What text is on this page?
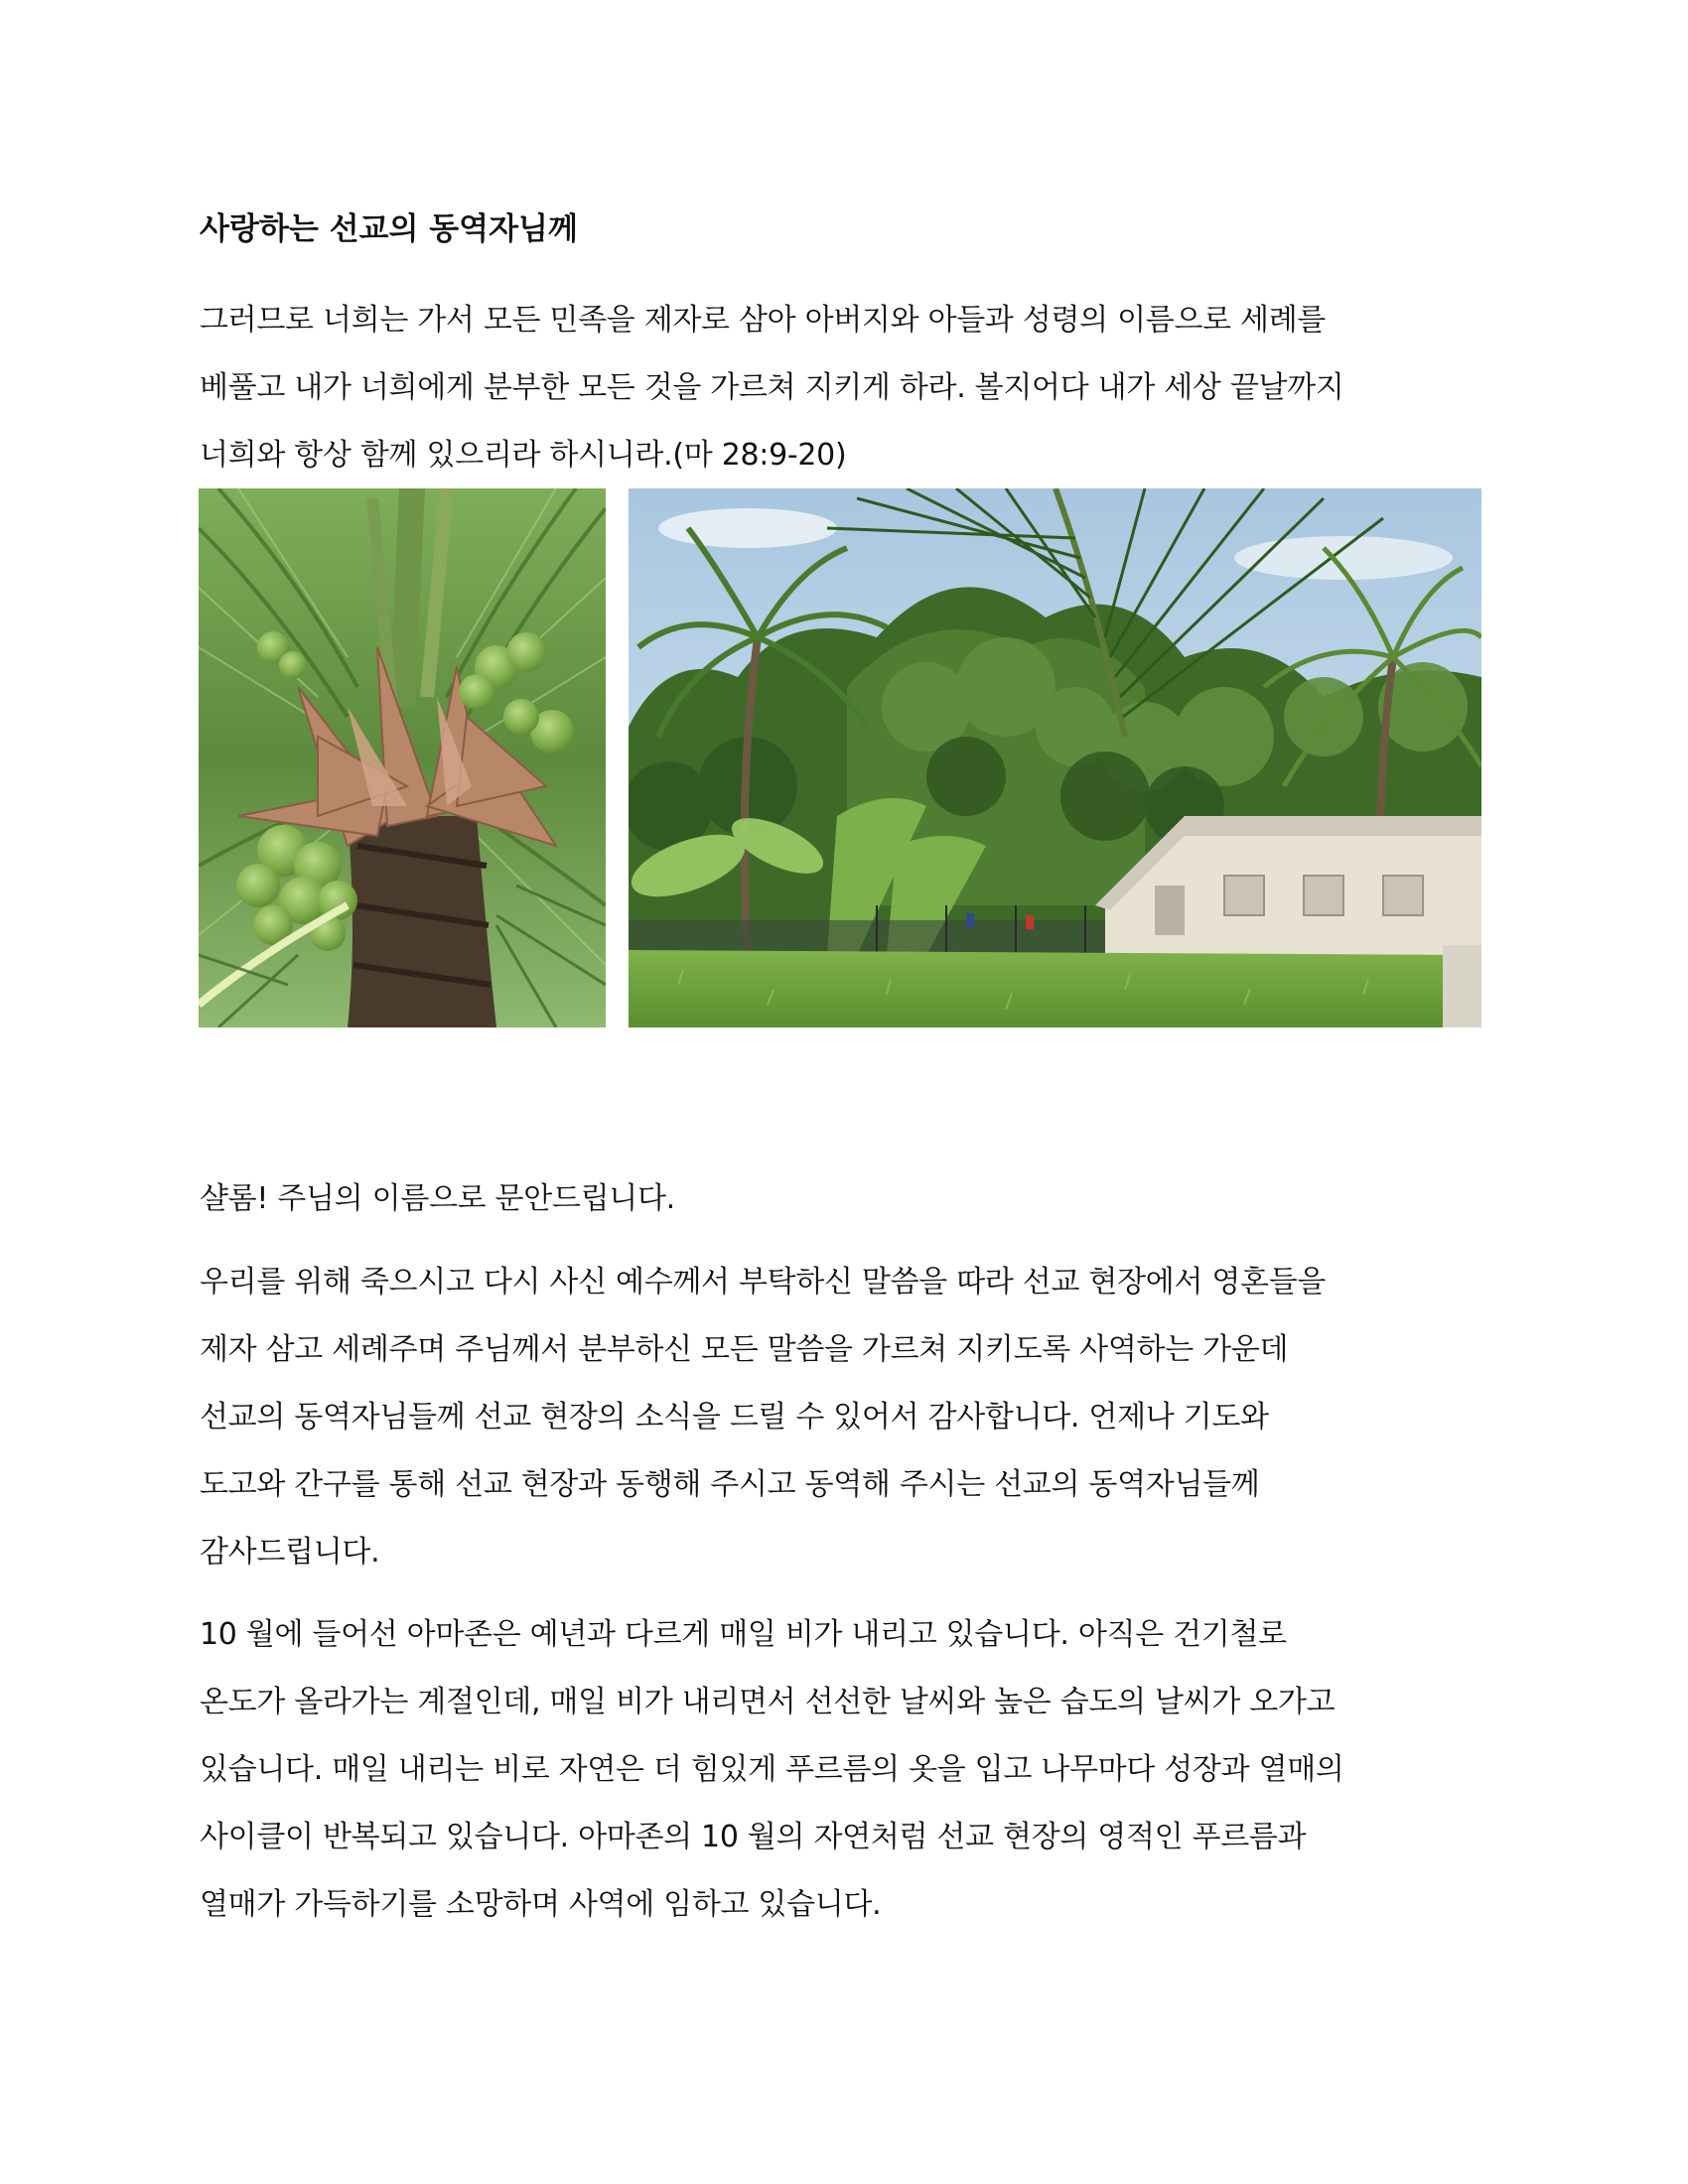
사랑하는 선교의 동역자님께

그러므로 너희는 가서 모든 민족을 제자로 삼아 아버지와 아들과 성령의 이름으로 세례를
베풀고 내가 너희에게 분부한 모든 것을 가르쳐 지키게 하라. 볼지어다 내가 세상 끝날까지
너희와 항상 함께 있으리라 하시니라.(마 28:9-20)

샬롬! 주님의 이름으로 문안드립니다.

우리를 위해 죽으시고 다시 사신 예수께서 부탁하신 말씀을 따라 선교 현장에서 영혼들을
제자 삼고 세례주며 주님께서 분부하신 모든 말씀을 가르쳐 지키도록 사역하는 가운데
선교의 동역자님들께 선교 현장의 소식을 드릴 수 있어서 감사합니다. 언제나 기도와
도고와 간구를 통해 선교 현장과 동행해 주시고 동역해 주시는 선교의 동역자님들께
감사드립니다.

10 월에 들어선 아마존은 예년과 다르게 매일 비가 내리고 있습니다. 아직은 건기철로
온도가 올라가는 계절인데, 매일 비가 내리면서 선선한 날씨와 높은 습도의 날씨가 오가고
있습니다. 매일 내리는 비로 자연은 더 힘있게 푸르름의 옷을 입고 나무마다 성장과 열매의
사이클이 반복되고 있습니다. 아마존의 10 월의 자연처럼 선교 현장의 영적인 푸르름과
열매가 가득하기를 소망하며 사역에 임하고 있습니다.
